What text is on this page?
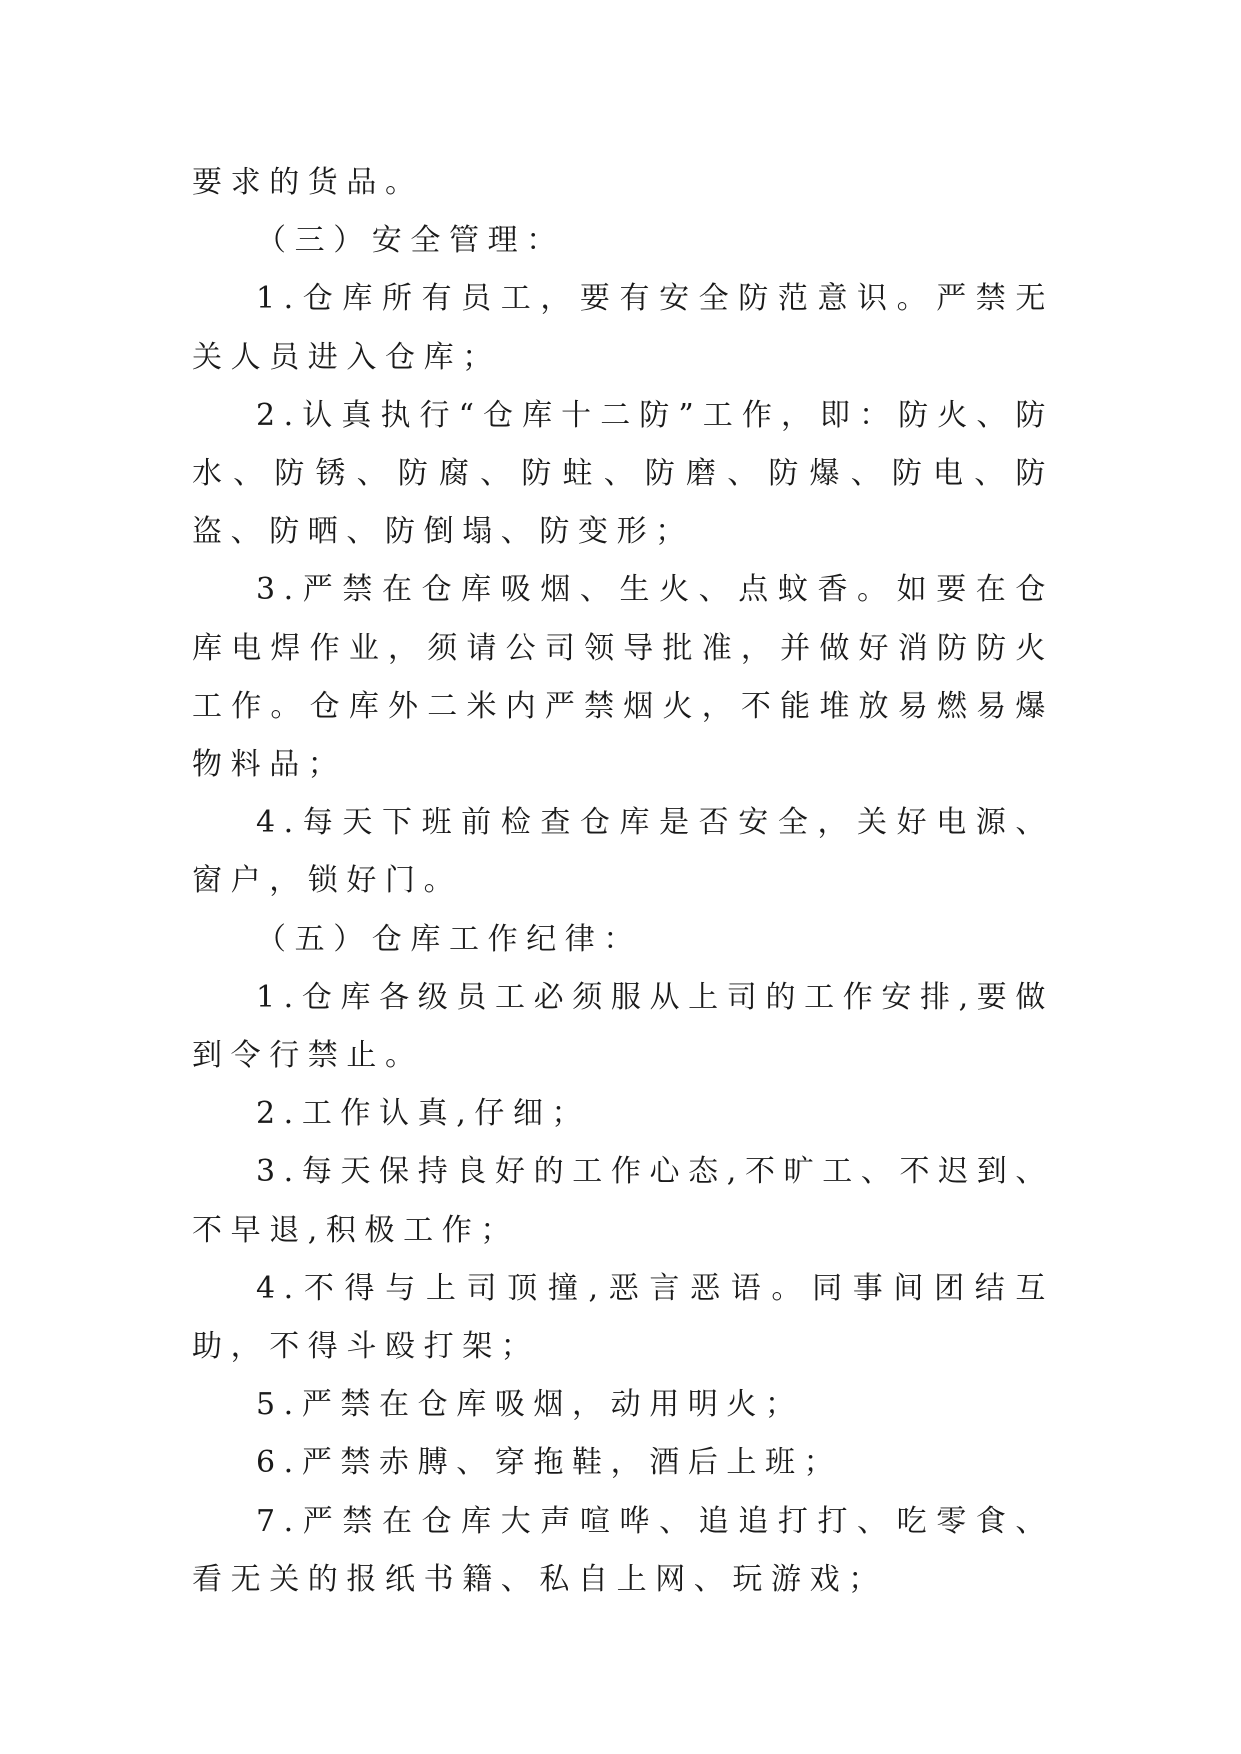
要求的货品。

（三）安全管理：

1.仓库所有员工，要有安全防范意识。严禁无关人员进入仓库；

2.认真执行“仓库十二防”工作，即：防火、防水、防锈、防腐、防蛀、防磨、防爆、防电、防盗、防晒、防倒塌、防变形；

3.严禁在仓库吸烟、生火、点蚊香。如要在仓库电焊作业，须请公司领导批准，并做好消防防火工作。仓库外二米内严禁烟火，不能堆放易燃易爆物料品；

4.每天下班前检查仓库是否安全，关好电源、窗户，锁好门。

（五）仓库工作纪律：

1.仓库各级员工必须服从上司的工作安排,要做到令行禁止。

2.工作认真,仔细；

3.每天保持良好的工作心态,不旷工、不迟到、不早退,积极工作；

4.不得与上司顶撞,恶言恶语。同事间团结互助，不得斗殴打架；

5.严禁在仓库吸烟，动用明火；

6.严禁赤膊、穿拖鞋，酒后上班；

7.严禁在仓库大声喧哗、追追打打、吃零食、看无关的报纸书籍、私自上网、玩游戏；
